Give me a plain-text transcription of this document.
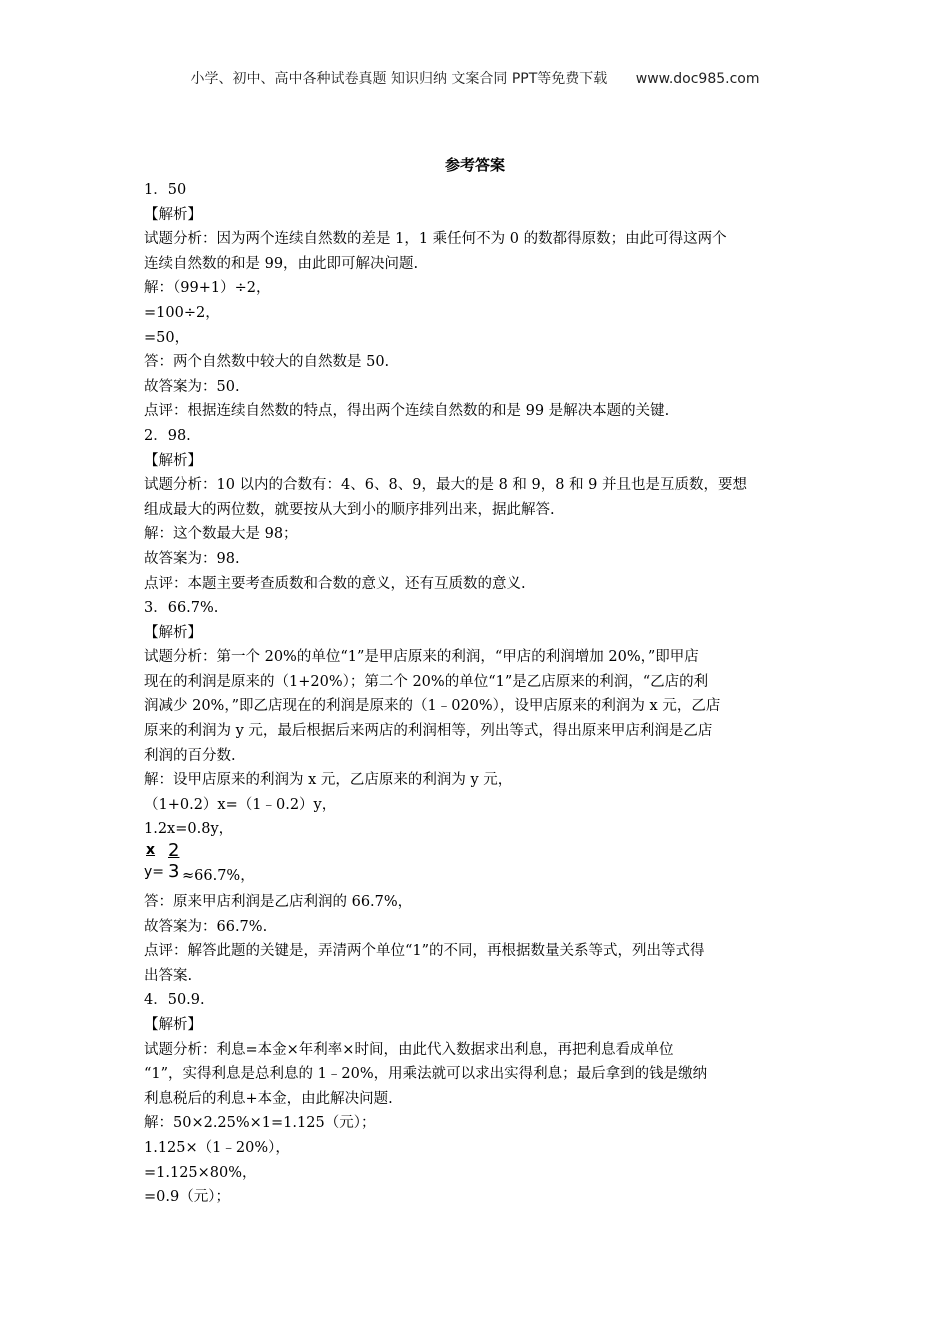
小学、初中、高中各种试卷真题 知识归纳 文案合同 PPT等免费下载 www.doc985.com
参考答案
1．50
【解析】
试题分析：因为两个连续自然数的差是 1，1 乘任何不为 0 的数都得原数；由此可得这两个
连续自然数的和是 99，由此即可解决问题.
解：（99+1）÷2，
=100÷2，
=50，
答：两个自然数中较大的自然数是 50.
故答案为：50.
点评：根据连续自然数的特点，得出两个连续自然数的和是 99 是解决本题的关键.
2．98.
【解析】
试题分析：10 以内的合数有：4、6、8、9，最大的是 8 和 9，8 和 9 并且也是互质数，要想
组成最大的两位数，就要按从大到小的顺序排列出来，据此解答.
解：这个数最大是 98；
故答案为：98.
点评：本题主要考查质数和合数的意义，还有互质数的意义.
3．66.7%.
【解析】
试题分析：第一个 20%的单位“1”是甲店原来的利润，“甲店的利润增加 20%，”即甲店
现在的利润是原来的（1+20%）；第二个 20%的单位“1”是乙店原来的利润，“乙店的利
润减少 20%，”即乙店现在的利润是原来的（1﹣020%），设甲店原来的利润为 x 元，乙店
原来的利润为 y 元，最后根据后来两店的利润相等，列出等式，得出原来甲店利润是乙店
利润的百分数.
解：设甲店原来的利润为 x 元，乙店原来的利润为 y 元，
（1+0.2）x=（1﹣0.2）y，
1.2x=0.8y，
x 2
y= 3 ≈66.7%，
答：原来甲店利润是乙店利润的 66.7%，
故答案为：66.7%.
点评：解答此题的关键是，弄清两个单位“1”的不同，再根据数量关系等式，列出等式得
出答案.
4．50.9.
【解析】
试题分析：利息=本金×年利率×时间，由此代入数据求出利息，再把利息看成单位
“1”，实得利息是总利息的 1﹣20%，用乘法就可以求出实得利息；最后拿到的钱是缴纳
利息税后的利息+本金，由此解决问题.
解：50×2.25%×1=1.125（元）；
1.125×（1﹣20%），
=1.125×80%，
=0.9（元）；
